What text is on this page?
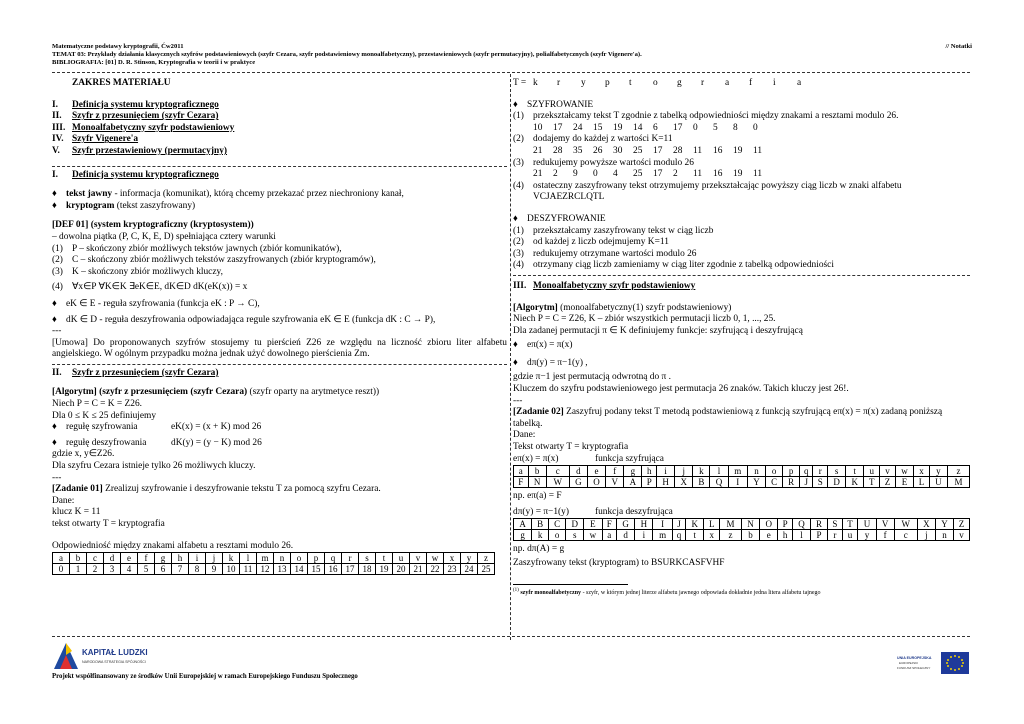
Matematyczne podstawy kryptografii, Ćw2011	// Notatki
TEMAT 03: Przykłady działania klasycznych szyfrów podstawieniowych (szyfr Cezara, szyfr podstawieniowy monoalfabetyczny), przestawieniowych (szyfr permutacyjny), polialfabetycznych (szyfr Vigenere'a).
BIBLIOGRAFIA: [01] D. R. Stinson, Kryptografia w teorii i w praktyce
ZAKRES MATERIAŁU
I. Definicja systemu kryptograficznego
II. Szyfr z przesunięciem (szyfr Cezara)
III. Monoalfabetyczny szyfr podstawieniowy
IV. Szyfr Vigenere'a
V. Szyfr przestawieniowy (permutacyjny)
I. Definicja systemu kryptograficznego
♦ tekst jawny - informacja (komunikat), którą chcemy przekazać przez niechroniony kanał,
♦ kryptogram (tekst zaszyfrowany)
[DEF 01] (system kryptograficzny (kryptosystem))
– dowolna piątka (P, C, K, E, D) spełniająca cztery warunki
(1) P – skończony zbiór możliwych tekstów jawnych (zbiór komunikatów),
(2) C – skończony zbiór możliwych tekstów zaszyfrowanych (zbiór kryptogramów),
(3) K – skończony zbiór możliwych kluczy,
(4) ∀x∈P ∀K∈K ∃eK∈E, dK∈D dK(eK(x)) = x
♦ eK ∈ E - reguła szyfrowania (funkcja eK : P → C),
♦ dK ∈ D - reguła deszyfrowania odpowiadająca regule szyfrowania eK ∈ E (funkcja dK : C → P),
---
[Umowa] Do proponowanych szyfrów stosujemy tu pierścień Z26 ze względu na liczność zbioru liter alfabetu angielskiego. W ogólnym przypadku można jednak użyć dowolnego pierścienia Zm.
II. Szyfr z przesunięciem (szyfr Cezara)
[Algorytm] (szyfr z przesunięciem (szyfr Cezara) (szyfr oparty na arytmetyce reszt))
Niech P = C = K = Z26.
Dla 0 ≤ K ≤ 25 definiujemy
♦ regułę szyfrowania	eK(x) = (x + K) mod 26
♦ regułę deszyfrowania	dK(y) = (y − K) mod 26
gdzie x, y∈Z26.
Dla szyfru Cezara istnieje tylko 26 możliwych kluczy.
---
[Zadanie 01] Zrealizuj szyfrowanie i deszyfrowanie tekstu T za pomocą szyfru Cezara.
Dane:
klucz K = 11
tekst otwarty T = kryptografia
Odpowiedniość między znakami alfabetu a resztami modulo 26.
a	b	c	d	e	f	g	h	i	j	k	l	m	n	o	p	q	r	s	t	u	v	w	x	y	z
0	1	2	3	4	5	6	7	8	9	10	11	12	13	14	15	16	17	18	19	20	21	22	23	24	25
T = k r y p t o g r a f i a
♦ SZYFROWANIE
(1) przekształcamy tekst T zgodnie z tabelką odpowiedniości między znakami a resztami modulo 26.
10 17 24 15 19 14 6 17 0 5 8 0
(2) dodajemy do każdej z wartości K=11
21 28 35 26 30 25 17 28 11 16 19 11
(3) redukujemy powyższe wartości modulo 26
21 2 9 0 4 25 17 2 11 16 19 11
(4) ostateczny zaszyfrowany tekst otrzymujemy przekształcając powyższy ciąg liczb w znaki alfabetu
VCJAEZRCLQTL
♦ DESZYFROWANIE
(1) przekształcamy zaszyfrowany tekst w ciąg liczb
(2) od każdej z liczb odejmujemy K=11
(3) redukujemy otrzymane wartości modulo 26
(4) otrzymany ciąg liczb zamieniamy w ciąg liter zgodnie z tabelką odpowiedniości
III. Monoalfabetyczny szyfr podstawieniowy
[Algorytm] (monoalfabetyczny(1) szyfr podstawieniowy)
Niech P = C = Z26, K – zbiór wszystkich permutacji liczb 0, 1, ..., 25.
Dla zadanej permutacji π ∈ K definiujemy funkcje: szyfrującą i deszyfrującą
♦ eπ(x) = π(x)
♦ dπ(y) = π−1(y) ,
gdzie π−1 jest permutacją odwrotną do π .
Kluczem do szyfru podstawieniowego jest permutacja 26 znaków. Takich kluczy jest 26!.
---
[Zadanie 02] Zaszyfruj podany tekst T metodą podstawieniową z funkcją szyfrującą eπ(x) = π(x) zadaną poniższą tabelką.
Dane:
Tekst otwarty T = kryptografia
eπ(x) = π(x)	funkcja szyfrująca
a	b	c	d	e	f	g	h	i	j	k	l	m	n	o	p	q	r	s	t	u	v	w	x	y	z
F	N	W	G	O	V	A	P	H	X	B	Q	I	Y	C	R	J	S	D	K	T	Z	E	L	U	M
np. eπ(a) = F
dπ(y) = π−1(y)	funkcja deszyfrująca
A	B	C	D	E	F	G	H	I	J	K	L	M	N	O	P	Q	R	S	T	U	V	W	X	Y	Z
g	k	o	s	w	a	d	i	m	q	t	x	z	b	e	h	l	P	r	u	y	f	c	j	n	v
np. dπ(A) = g
Zaszyfrowany tekst (kryptogram) to BSURKCASFVHF
$^{(1)}$ szyfr monoalfabetyczny - szyfr, w którym jednej literze alfabetu jawnego odpowiada dokładnie jedna litera alfabetu tajnego
KAPITAŁ LUDZKI
NARODOWA STRATEGIA SPÓJNOŚCI
Projekt współfinansowany ze środków Unii Europejskiej w ramach Europejskiego Funduszu Społecznego
UNIA EUROPEJSKA
EUROPEJSKI
FUNDUSZ SPOŁECZNY
